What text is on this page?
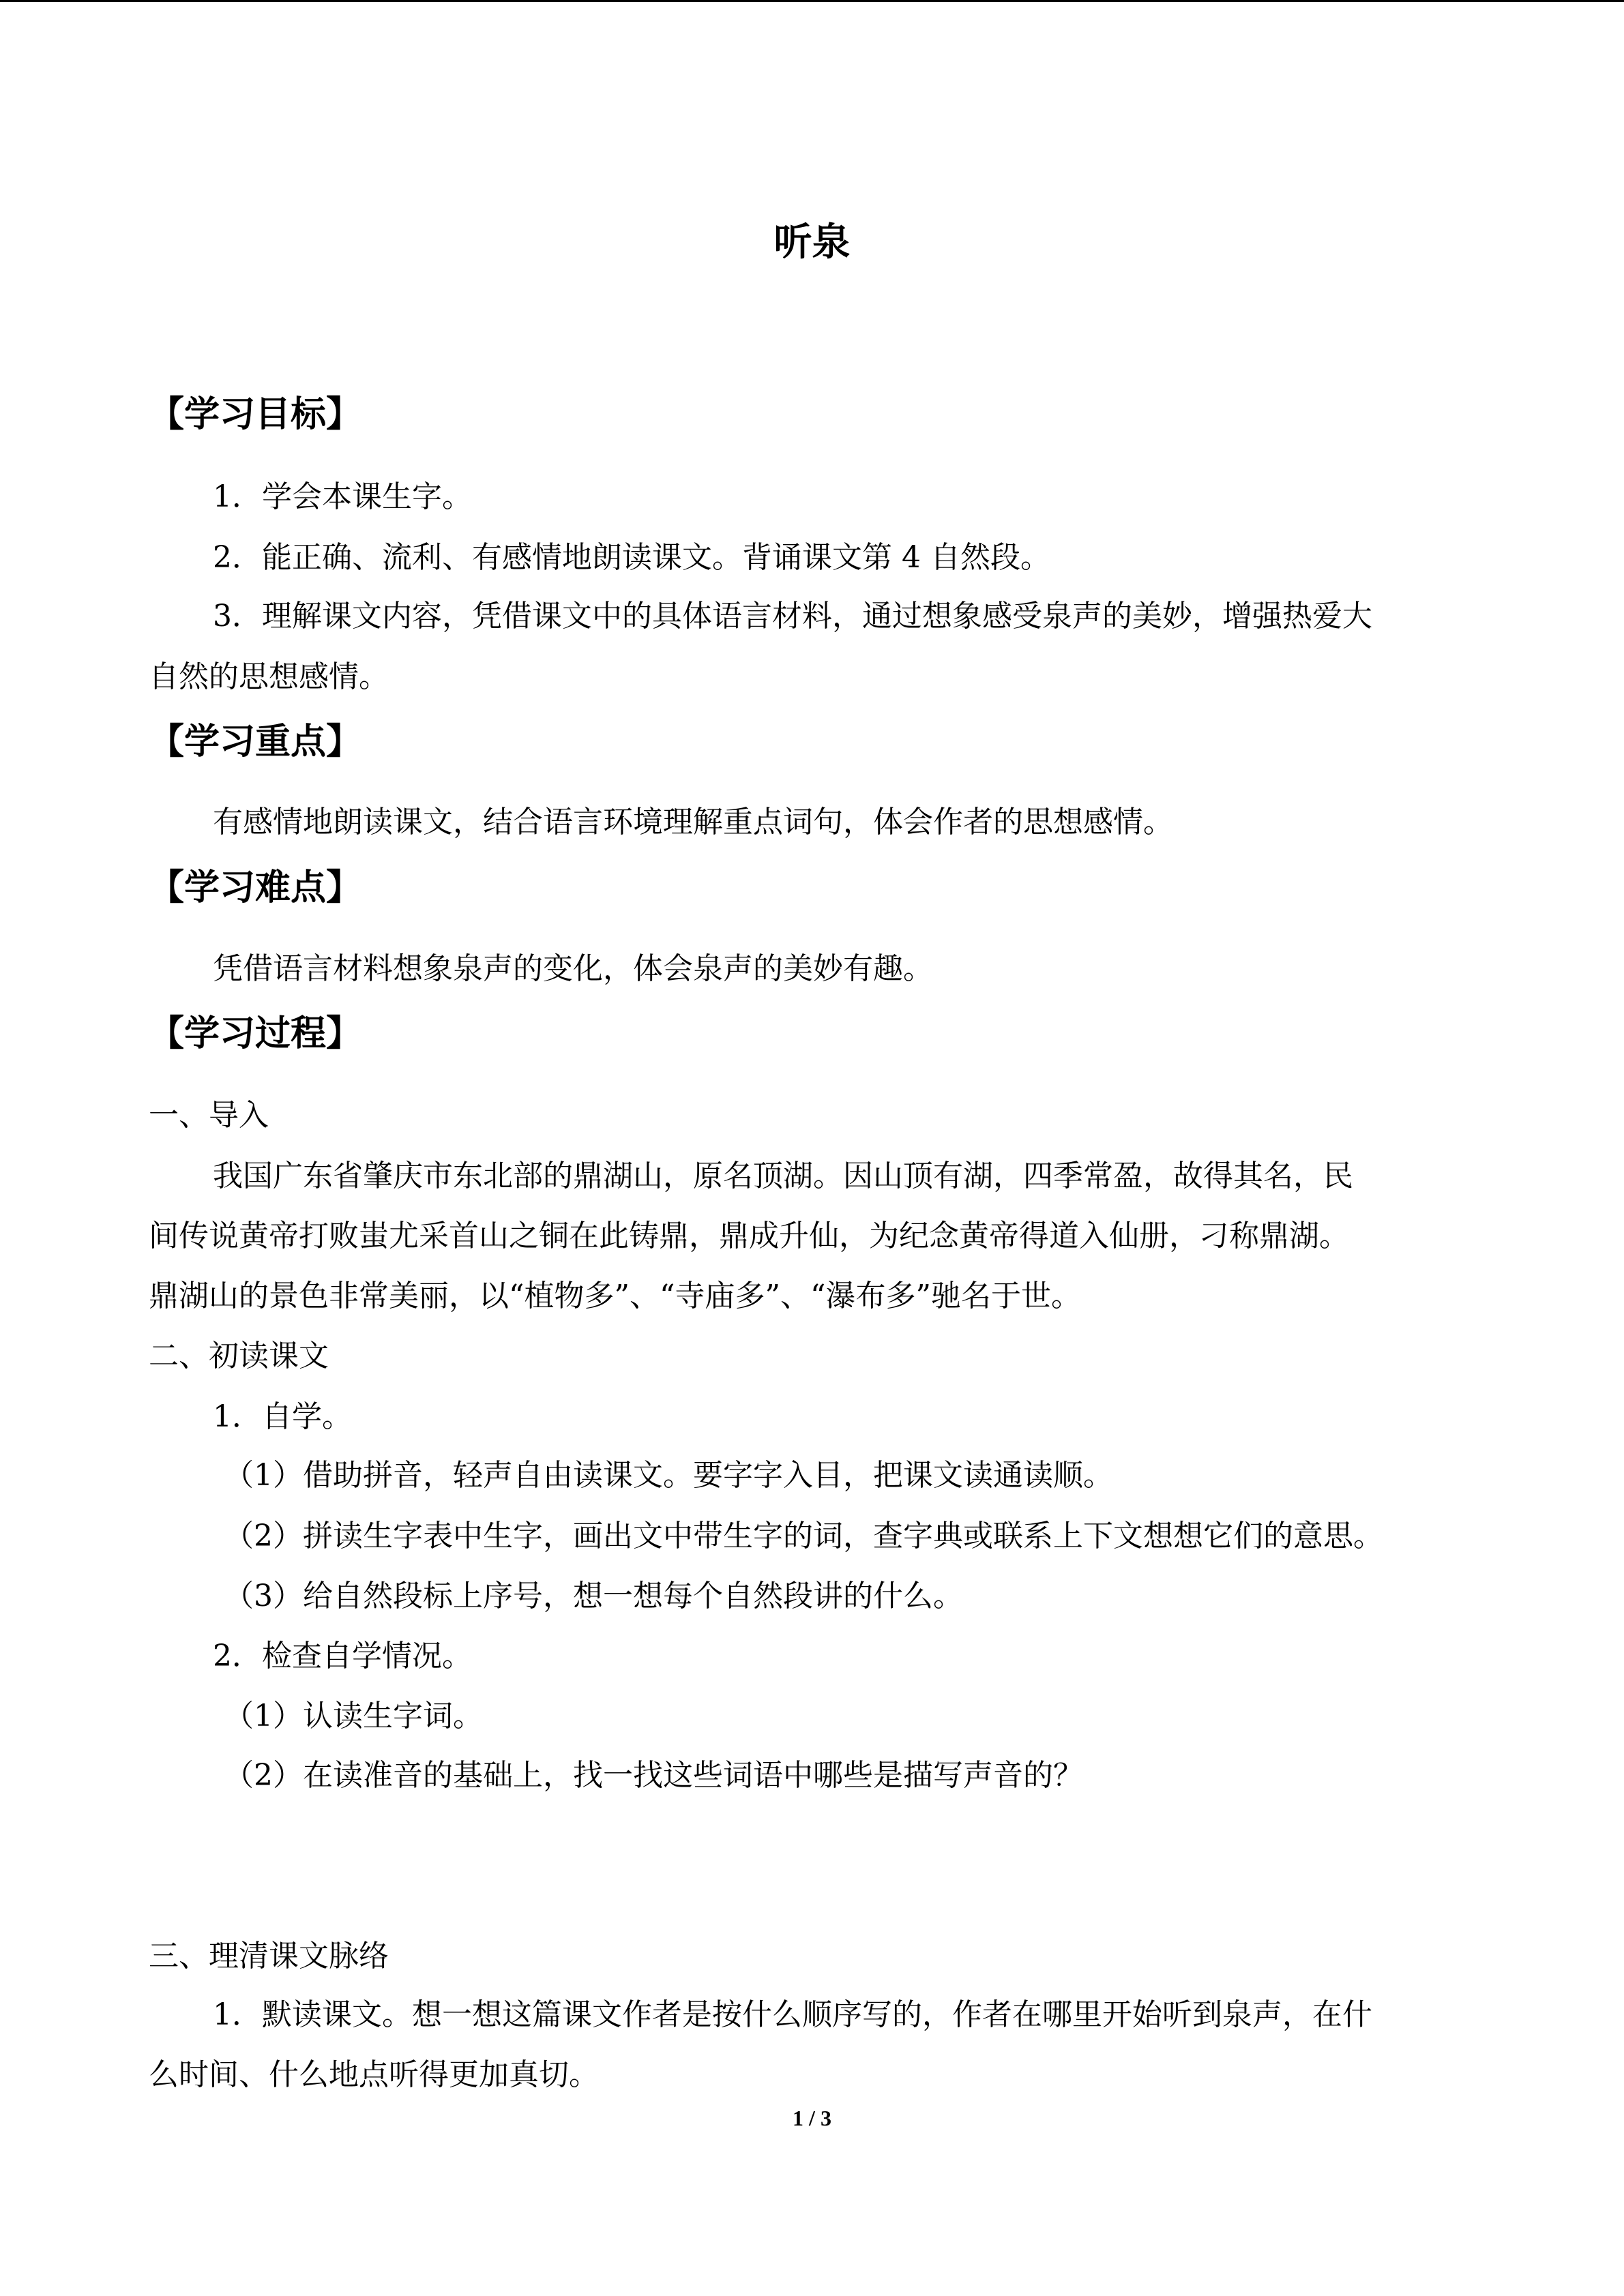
听泉
【学习目标】
1．学会本课生字。
2．能正确、流利、有感情地朗读课文。背诵课文第 4 自然段。
3．理解课文内容，凭借课文中的具体语言材料，通过想象感受泉声的美妙，增强热爱大
自然的思想感情。
【学习重点】
有感情地朗读课文，结合语言环境理解重点词句，体会作者的思想感情。
【学习难点】
凭借语言材料想象泉声的变化，体会泉声的美妙有趣。
【学习过程】
一、导入
我国广东省肇庆市东北部的鼎湖山，原名顶湖。因山顶有湖，四季常盈，故得其名，民
间传说黄帝打败蚩尤采首山之铜在此铸鼎，鼎成升仙，为纪念黄帝得道入仙册，刁称鼎湖。
鼎湖山的景色非常美丽，以“植物多”、“寺庙多”、“瀑布多”驰名于世。
二、初读课文
1．自学。
（1）借助拼音，轻声自由读课文。要字字入目，把课文读通读顺。
（2）拼读生字表中生字，画出文中带生字的词，查字典或联系上下文想想它们的意思。
（3）给自然段标上序号，想一想每个自然段讲的什么。
2．检查自学情况。
（1）认读生字词。
（2）在读准音的基础上，找一找这些词语中哪些是描写声音的？
三、理清课文脉络
1．默读课文。想一想这篇课文作者是按什么顺序写的，作者在哪里开始听到泉声，在什
么时间、什么地点听得更加真切。
1 / 3
